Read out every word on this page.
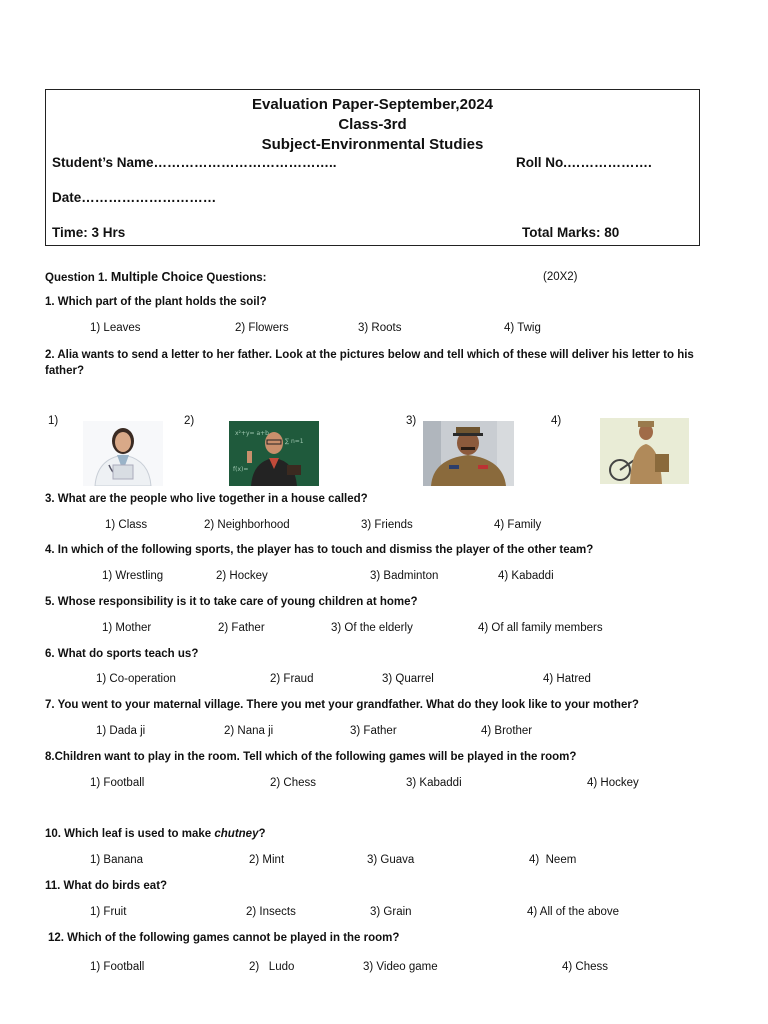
Evaluation Paper-September,2024
Class-3rd
Subject-Environmental Studies
Student’s Name…………………………………..	Roll No.……………….
Date…………………………
Time: 3 Hrs	Total Marks: 80
Question 1. Multiple Choice Questions:	(20X2)
1. Which part of the plant holds the soil?
1) Leaves	2) Flowers	3) Roots	4) Twig
2. Alia wants to send a letter to her father. Look at the pictures below and tell which of these will deliver his letter to his father?
1)	2)	3)	4)
x²+y= a+b
∑ n=1
f(x)=
3. What are the people who live together in a house called?
1) Class	2) Neighborhood	3) Friends	4) Family
4. In which of the following sports, the player has to touch and dismiss the player of the other team?
1) Wrestling	2) Hockey	3) Badminton	4) Kabaddi
5. Whose responsibility is it to take care of young children at home?
1) Mother	2) Father	3) Of the elderly	4) Of all family members
6. What do sports teach us?
1) Co-operation	2) Fraud	3) Quarrel	4) Hatred
7. You went to your maternal village. There you met your grandfather. What do they look like to your mother?
1) Dada ji	2) Nana ji	3) Father	4) Brother
8.Children want to play in the room. Tell which of the following games will be played in the room?
1) Football	2) Chess	3) Kabaddi	4) Hockey
10. Which leaf is used to make chutney?
1) Banana	2) Mint	3) Guava	4)  Neem
11. What do birds eat?
1) Fruit	2) Insects	3) Grain	4) All of the above
12. Which of the following games cannot be played in the room?
1) Football	2)   Ludo	3) Video game	4) Chess
